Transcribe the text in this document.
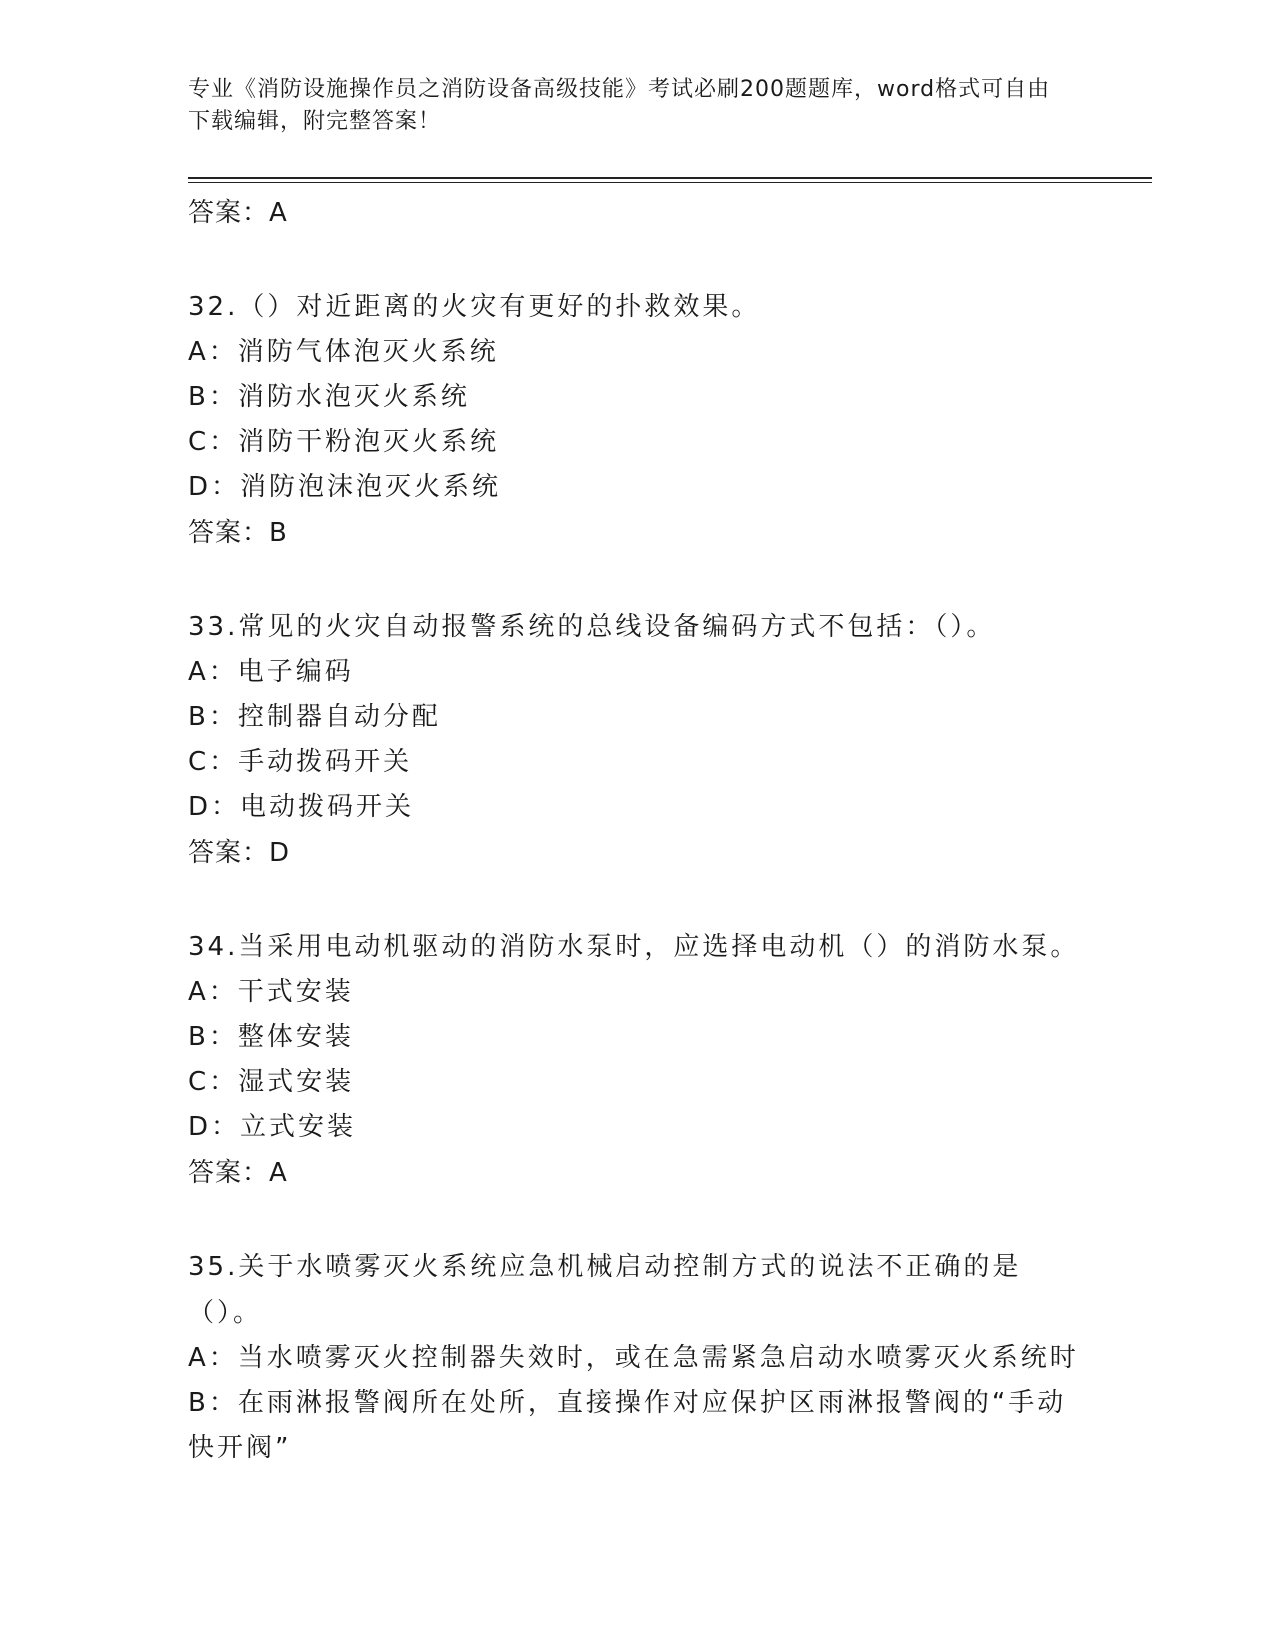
专业《消防设施操作员之消防设备高级技能》考试必刷200题题库，word格式可自由下载编辑，附完整答案！
答案：A

32.（）对近距离的火灾有更好的扑救效果。

A：消防气体泡灭火系统
B：消防水泡灭火系统
C：消防干粉泡灭火系统
D：消防泡沫泡灭火系统
答案：B

33.常见的火灾自动报警系统的总线设备编码方式不包括：（）。

A：电子编码
B：控制器自动分配
C：手动拨码开关
D：电动拨码开关
答案：D

34.当采用电动机驱动的消防水泵时，应选择电动机（）的消防水泵。

A：干式安装
B：整体安装
C：湿式安装
D：立式安装
答案：A

35.关于水喷雾灭火系统应急机械启动控制方式的说法不正确的是（）。

A：当水喷雾灭火控制器失效时，或在急需紧急启动水喷雾灭火系统时
B：在雨淋报警阀所在处所，直接操作对应保护区雨淋报警阀的“手动快开阀”
